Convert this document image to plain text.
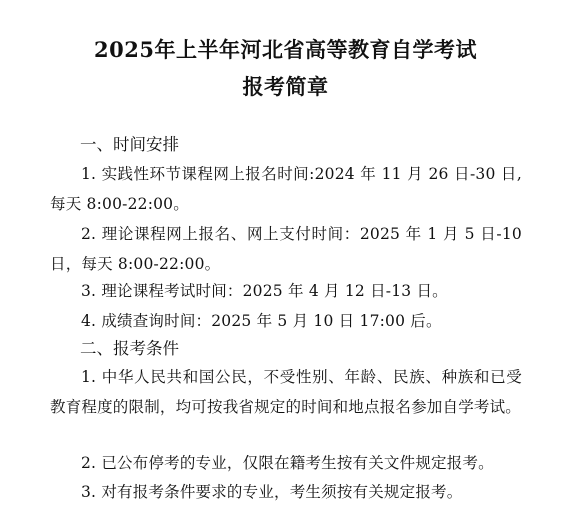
2025年上半年河北省高等教育自学考试
报考简章
一、时间安排
1. 实践性环节课程网上报名时间:2024 年 11 月 26 日-30 日,每天 8:00-22:00。
2. 理论课程网上报名、网上支付时间：2025 年 1 月 5 日-10 日，每天 8:00-22:00。
3. 理论课程考试时间：2025 年 4 月 12 日-13 日。
4. 成绩查询时间：2025 年 5 月 10 日 17:00 后。
二、报考条件
1. 中华人民共和国公民，不受性别、年龄、民族、种族和已受教育程度的限制，均可按我省规定的时间和地点报名参加自学考试。
2. 已公布停考的专业，仅限在籍考生按有关文件规定报考。
3. 对有报考条件要求的专业，考生须按有关规定报考。
